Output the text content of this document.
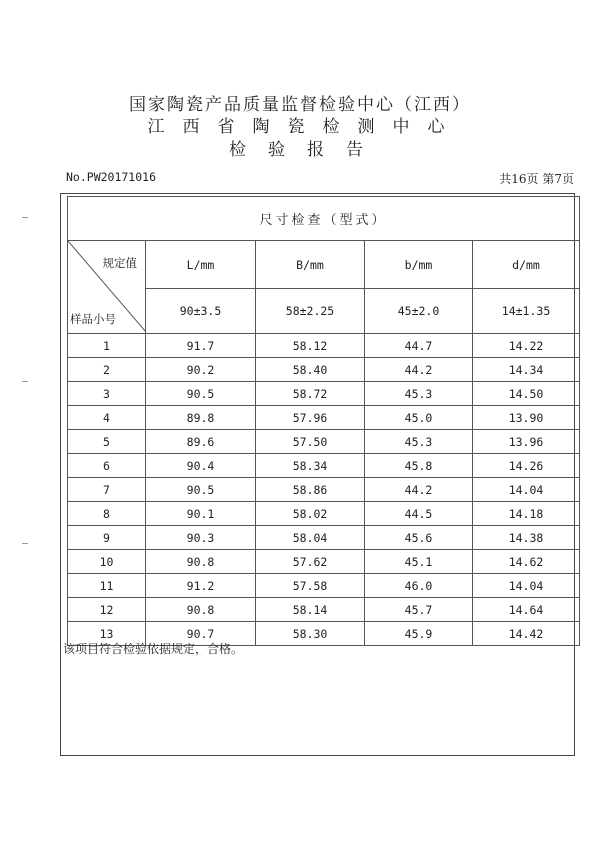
国家陶瓷产品质量监督检验中心（江西）
江西省陶瓷检测中心
检验报告
No.PW20171016	共16页 第7页
尺寸检查（型式）				

规定值
样品小号	L/mm	B/mm	b/mm	d/mm
	90±3.5	58±2.25	45±2.0	14±1.35
1	91.7	58.12	44.7	14.22
2	90.2	58.40	44.2	14.34
3	90.5	58.72	45.3	14.50
4	89.8	57.96	45.0	13.90
5	89.6	57.50	45.3	13.96
6	90.4	58.34	45.8	14.26
7	90.5	58.86	44.2	14.04
8	90.1	58.02	44.5	14.18
9	90.3	58.04	45.6	14.38
10	90.8	57.62	45.1	14.62
11	91.2	57.58	46.0	14.04
12	90.8	58.14	45.7	14.64
13	90.7	58.30	45.9	14.42
该项目符合检验依据规定，合格。
